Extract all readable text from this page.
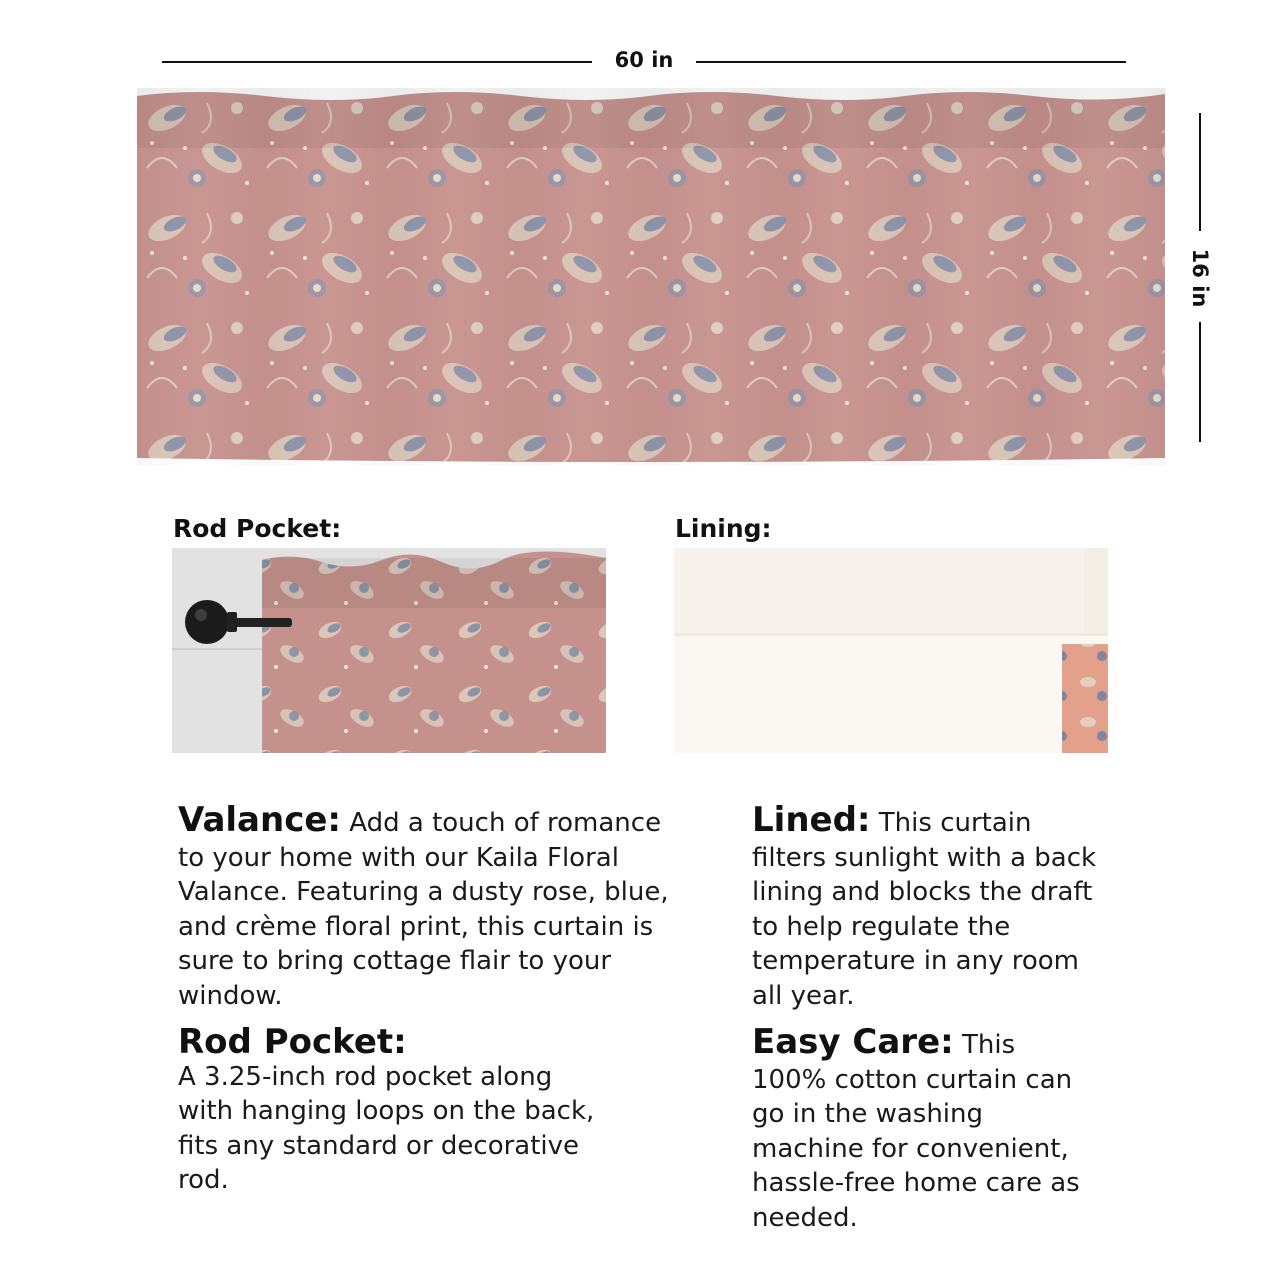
60 in
16 in
Rod Pocket:	Lining:
Valance: Add a touch of romance to your home with our Kaila Floral Valance. Featuring a dusty rose, blue, and crème floral print, this curtain is sure to bring cottage flair to your window.
Lined: This curtain filters sunlight with a back lining and blocks the draft to help regulate the temperature in any room all year.
Rod Pocket:
A 3.25-inch rod pocket along with hanging loops on the back, fits any standard or decorative rod.
Easy Care: This 100% cotton curtain can go in the washing machine for convenient, hassle-free home care as needed.
